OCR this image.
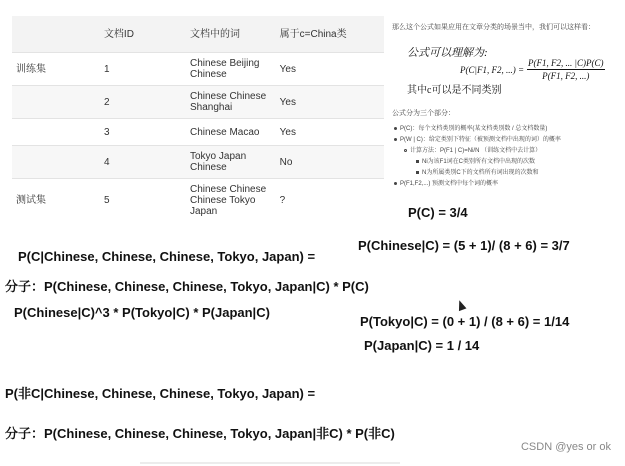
	文档ID	文档中的词	属于c=China类
训练集	1	Chinese Beijing Chinese	Yes
	2	Chinese Chinese Shanghai	Yes
	3	Chinese Macao	Yes
	4	Tokyo Japan Chinese	No
测试集	5	Chinese Chinese Chinese Tokyo Japan	?
那么这个公式如果应用在文章分类的场景当中，我们可以这样看：
公式可以理解为:
P(C|F1, F2, ...) = $\frac{P(F1, F2, ... |C)P(C)}{P(F1, F2, ...)}$
其中c可以是不同类别
公式分为三个部分：
P(C)：每个文档类别的概率(某文档类别数 / 总文档数量)
P(W | C)：给定类别下特征（被预测文档中出现的词）的概率
计算方法：P(F1 | C)=Ni/N （训练文档中去计算）
Ni为该F1词在C类别所有文档中出现的次数
N为所属类别C下的文档所有词出现的次数和
P(F1,F2,...) 预测文档中每个词的概率
P(C) = 3/4
P(C|Chinese, Chinese, Chinese, Tokyo, Japan) =
P(Chinese|C) = (5 + 1)/ (8 + 6) = 3/7
分子：P(Chinese, Chinese, Chinese, Tokyo, Japan|C) * P(C)
P(Chinese|C)^3 * P(Tokyo|C) * P(Japan|C)
P(Tokyo|C) = (0 + 1) / (8 + 6) = 1/14
P(Japan|C) = 1 / 14
P(非C|Chinese, Chinese, Chinese, Tokyo, Japan) =
分子：P(Chinese, Chinese, Chinese, Tokyo, Japan|非C) * P(非C)
CSDN @yes or ok
